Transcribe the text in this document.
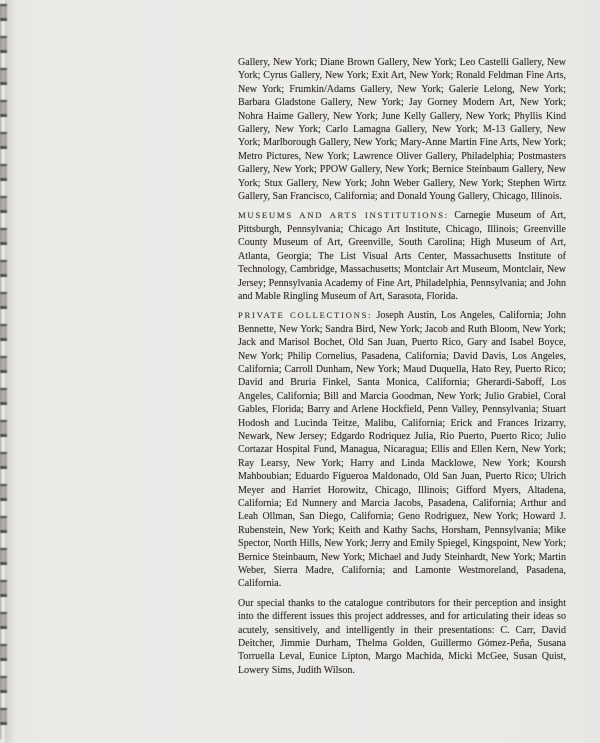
Gallery, New York; Diane Brown Gallery, New York; Leo Castelli Gallery, New York; Cyrus Gallery, New York; Exit Art, New York; Ronald Feldman Fine Arts, New York; Frumkin/Adams Gallery, New York; Galerie Lelong, New York; Barbara Gladstone Gallery, New York; Jay Gorney Modern Art, New York; Nohra Haime Gallery, New York; June Kelly Gallery, New York; Phyllis Kind Gallery, New York; Carlo Lamagna Gallery, New York; M-13 Gallery, New York; Marlborough Gallery, New York; Mary-Anne Martin Fine Arts, New York; Metro Pictures, New York; Lawrence Oliver Gallery, Philadelphia; Postmasters Gallery, New York; PPOW Gallery, New York; Bernice Steinbaum Gallery, New York; Stux Gallery, New York; John Weber Gallery, New York; Stephen Wirtz Gallery, San Francisco, California; and Donald Young Gallery, Chicago, Illinois.

MUSEUMS AND ARTS INSTITUTIONS: Carnegie Museum of Art, Pittsburgh, Pennsylvania; Chicago Art Institute, Chicago, Illinois; Greenville County Museum of Art, Greenville, South Carolina; High Museum of Art, Atlanta, Georgia; The List Visual Arts Center, Massachusetts Institute of Technology, Cambridge, Massachusetts; Montclair Art Museum, Montclair, New Jersey; Pennsylvania Academy of Fine Art, Philadelphia, Pennsylvania; and John and Mable Ringling Museum of Art, Sarasota, Florida.

PRIVATE COLLECTIONS: Joseph Austin, Los Angeles, California; John Bennette, New York; Sandra Bird, New York; Jacob and Ruth Bloom, New York; Jack and Marisol Bochet, Old San Juan, Puerto Rico, Gary and Isabel Boyce, New York; Philip Cornelius, Pasadena, California; David Davis, Los Angeles, California; Carroll Dunham, New York; Maud Duquella, Hato Rey, Puerto Rico; David and Bruria Finkel, Santa Monica, California; Gherardi-Saboff, Los Angeles, California; Bill and Marcia Goodman, New York; Julio Grabiel, Coral Gables, Florida; Barry and Arlene Hockfield, Penn Valley, Pennsylvania; Stuart Hodosh and Lucinda Teitze, Malibu, California; Erick and Frances Irizarry, Newark, New Jersey; Edgardo Rodriquez Julia, Rio Puerto, Puerto Rico; Julio Cortazar Hospital Fund, Managua, Nicaragua; Ellis and Ellen Kern, New York; Ray Learsy, New York; Harry and Linda Macklowe, New York; Koursh Mahboubian; Eduardo Figueroa Maldonado, Old San Juan, Puerto Rico; Ulrich Meyer and Harriet Horowitz, Chicago, Illinois; Gifford Myers, Altadena, California; Ed Nunnery and Marcia Jacobs, Pasadena, California; Arthur and Leah Ollman, San Diego, California; Geno Rodriguez, New York; Howard J. Rubenstein, New York; Keith and Kathy Sachs, Horsham, Pennsylvania; Mike Spector, North Hills, New York; Jerry and Emily Spiegel, Kingspoint, New York; Bernice Steinbaum, New York; Michael and Judy Steinhardt, New York; Martin Weber, Sierra Madre, California; and Lamonte Westmoreland, Pasadena, California.

Our special thanks to the catalogue contributors for their perception and insight into the different issues this project addresses, and for articulating their ideas so acutely, sensitively, and intelligently in their presentations: C. Carr, David Deitcher, Jimmie Durham, Thelma Golden, Guillermo Gómez-Peña, Susana Torruella Leval, Eunice Lipton, Margo Machida, Micki McGee, Susan Quist, Lowery Sims, Judith Wilson.
